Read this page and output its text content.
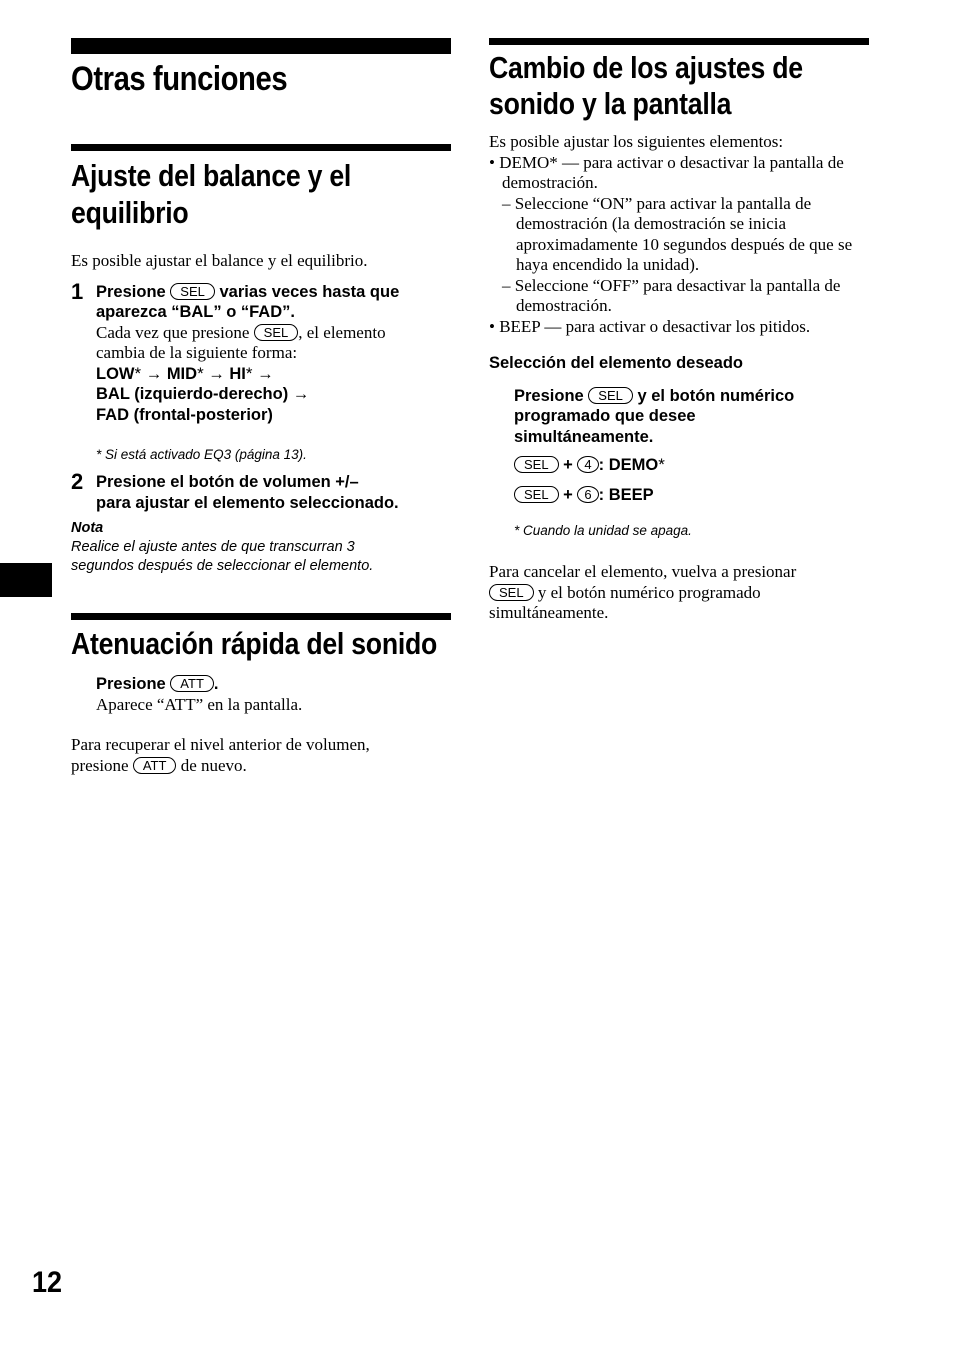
Otras funciones
Ajuste del balance y el
equilibrio
Es posible ajustar el balance y el equilibrio.
1 Presione SEL varias veces hasta que
aparezca “BAL” o “FAD”.
Cada vez que presione SEL , el elemento
cambia de la siguiente forma:
LOW* → MID* → HI* →
BAL (izquierdo-derecho) →
FAD (frontal-posterior)
* Si está activado EQ3 (página 13).
2 Presione el botón de volumen +/–
para ajustar el elemento seleccionado.
Nota
Realice el ajuste antes de que transcurran 3
segundos después de seleccionar el elemento.
Atenuación rápida del sonido
Presione ATT .
Aparece “ATT” en la pantalla.
Para recuperar el nivel anterior de volumen,
presione ATT de nuevo.
Cambio de los ajustes de
sonido y la pantalla
Es posible ajustar los siguientes elementos:
• DEMO* — para activar o desactivar la pantalla de demostración.
– Seleccione “ON” para activar la pantalla de demostración (la demostración se inicia aproximadamente 10 segundos después de que se haya encendido la unidad).
– Seleccione “OFF” para desactivar la pantalla de demostración.
• BEEP — para activar o desactivar los pitidos.
Selección del elemento deseado
Presione SEL y el botón numérico
programado que desee
simultáneamente.
SEL + 4 : DEMO*
SEL + 6 : BEEP
* Cuando la unidad se apaga.
Para cancelar el elemento, vuelva a presionar
SEL y el botón numérico programado
simultáneamente.
12
